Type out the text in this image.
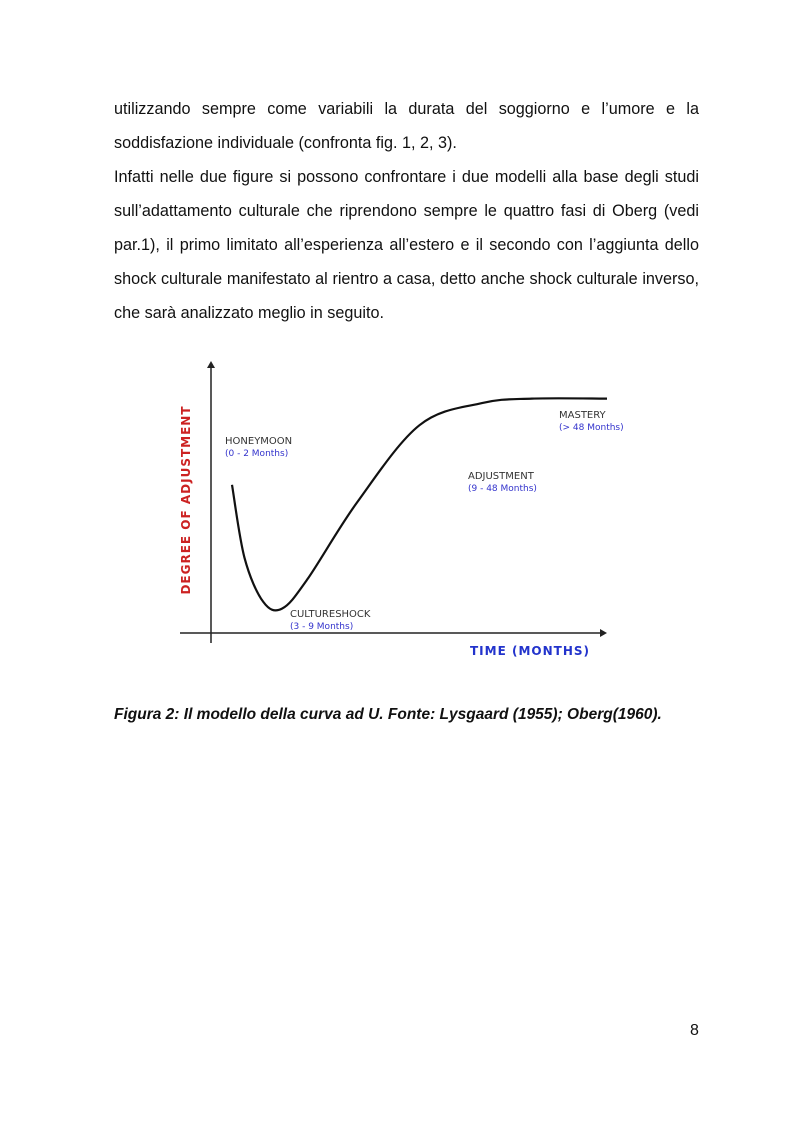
utilizzando sempre come variabili la durata del soggiorno e l’umore e la soddisfazione individuale (confronta fig. 1, 2, 3).

Infatti nelle due figure si possono confrontare i due modelli alla base degli studi sull’adattamento culturale che riprendono sempre le quattro fasi di Oberg (vedi par.1), il primo limitato all’esperienza all’estero e il secondo con l’aggiunta dello shock culturale manifestato al rientro a casa, detto anche shock culturale inverso, che sarà analizzato meglio in seguito.

DEGREE OF ADJUSTMENT
TIME (MONTHS)
HONEYMOON
(0 - 2 Months)
CULTURESHOCK
(3 - 9 Months)
ADJUSTMENT
(9 - 48 Months)
MASTERY
(> 48 Months)

Figura 2: Il modello della curva ad U. Fonte: Lysgaard (1955); Oberg(1960).

8
